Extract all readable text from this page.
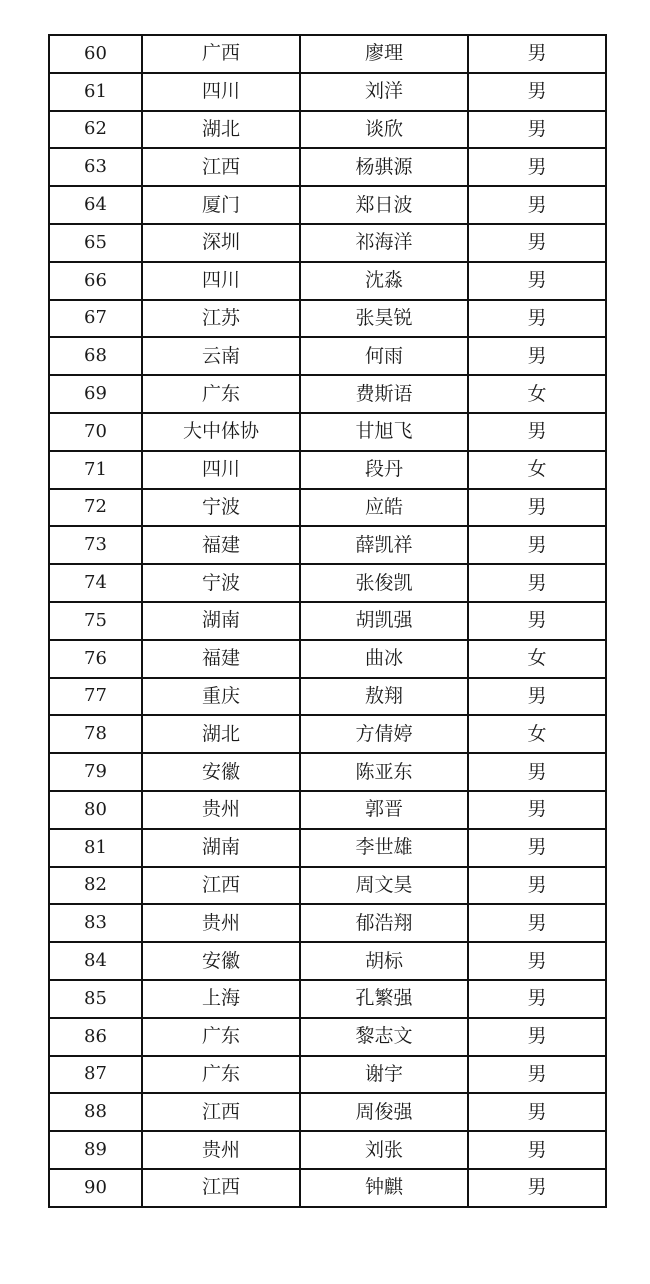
60	广西	廖理	男
61	四川	刘洋	男
62	湖北	谈欣	男
63	江西	杨骐源	男
64	厦门	郑日波	男
65	深圳	祁海洋	男
66	四川	沈淼	男
67	江苏	张昊锐	男
68	云南	何雨	男
69	广东	费斯语	女
70	大中体协	甘旭飞	男
71	四川	段丹	女
72	宁波	应皓	男
73	福建	薛凯祥	男
74	宁波	张俊凯	男
75	湖南	胡凯强	男
76	福建	曲冰	女
77	重庆	敖翔	男
78	湖北	方倩婷	女
79	安徽	陈亚东	男
80	贵州	郭晋	男
81	湖南	李世雄	男
82	江西	周文昊	男
83	贵州	郁浩翔	男
84	安徽	胡标	男
85	上海	孔繁强	男
86	广东	黎志文	男
87	广东	谢宇	男
88	江西	周俊强	男
89	贵州	刘张	男
90	江西	钟麒	男
